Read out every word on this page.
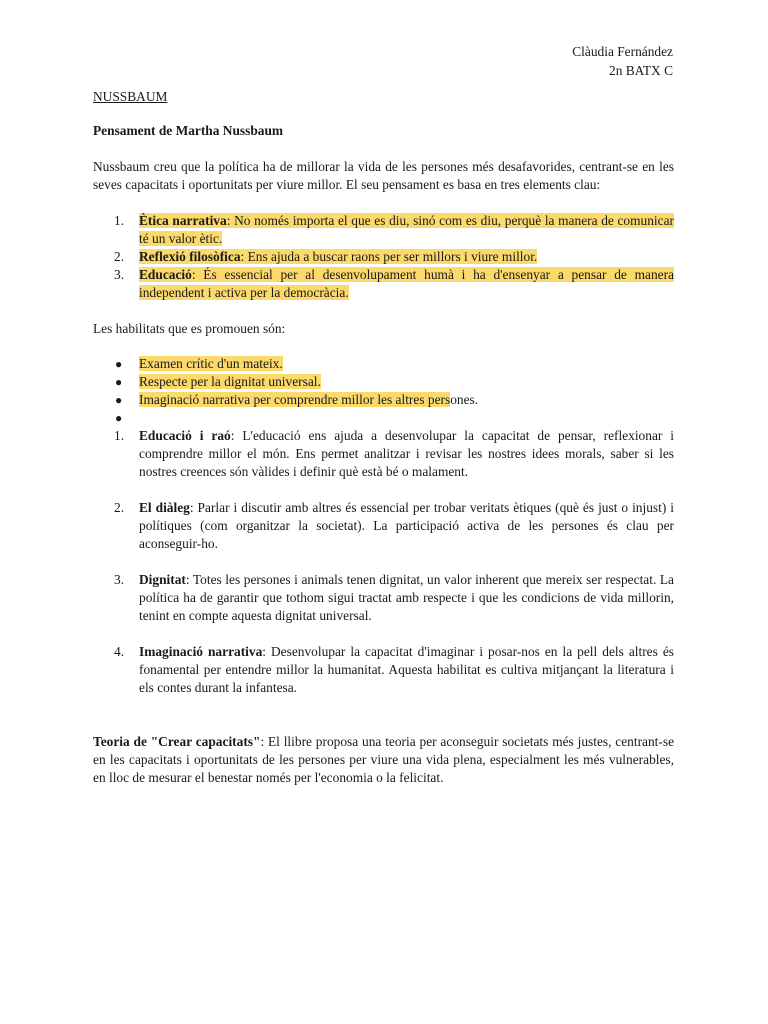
Clàudia Fernández
2n BATX C

NUSSBAUM

Pensament de Martha Nussbaum

Nussbaum creu que la política ha de millorar la vida de les persones més desafavorides, centrant-se en les seves capacitats i oportunitats per viure millor. El seu pensament es basa en tres elements clau:

1. Ètica narrativa: No només importa el que es diu, sinó com es diu, perquè la manera de comunicar té un valor ètic.
2. Reflexió filosòfica: Ens ajuda a buscar raons per ser millors i viure millor.
3. Educació: És essencial per al desenvolupament humà i ha d'ensenyar a pensar de manera independent i activa per la democràcia.

Les habilitats que es promouen són:

● Examen crític d'un mateix.
● Respecte per la dignitat universal.
● Imaginació narrativa per comprendre millor les altres persones.
●

1. Educació i raó: L'educació ens ajuda a desenvolupar la capacitat de pensar, reflexionar i comprendre millor el món. Ens permet analitzar i revisar les nostres idees morals, saber si les nostres creences són vàlides i definir què està bé o malament.
2. El diàleg: Parlar i discutir amb altres és essencial per trobar veritats ètiques (què és just o injust) i polítiques (com organitzar la societat). La participació activa de les persones és clau per aconseguir-ho.
3. Dignitat: Totes les persones i animals tenen dignitat, un valor inherent que mereix ser respectat. La política ha de garantir que tothom sigui tractat amb respecte i que les condicions de vida millorin, tenint en compte aquesta dignitat universal.
4. Imaginació narrativa: Desenvolupar la capacitat d'imaginar i posar-nos en la pell dels altres és fonamental per entendre millor la humanitat. Aquesta habilitat es cultiva mitjançant la literatura i els contes durant la infantesa.

Teoria de "Crear capacitats": El llibre proposa una teoria per aconseguir societats més justes, centrant-se en les capacitats i oportunitats de les persones per viure una vida plena, especialment les més vulnerables, en lloc de mesurar el benestar només per l'economia o la felicitat.
